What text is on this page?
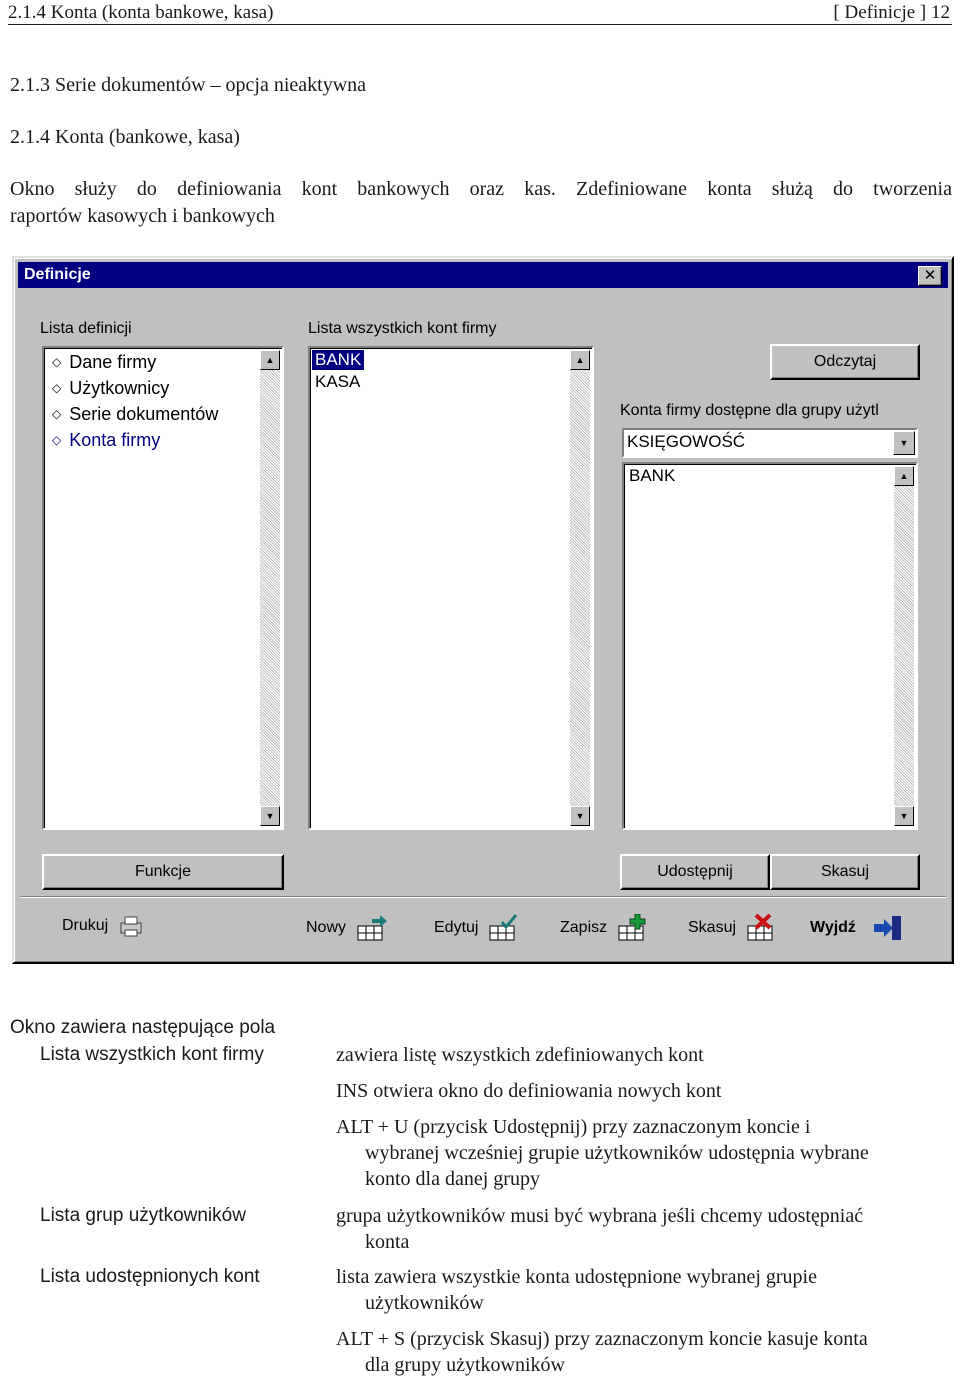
2.1.4 Konta (konta bankowe, kasa)	[ Definicje ] 12
2.1.3 Serie dokumentów – opcja nieaktywna
2.1.4 Konta (bankowe, kasa)
Okno służy do definiowania kont bankowych oraz kas. Zdefiniowane konta służą do tworzenia
raportów kasowych i bankowych
Definicje	✕
Lista definicji
◇ Dane firmy
◇ Użytkownicy
◇ Serie dokumentów
◇ Konta firmy
▲
▼
Lista wszystkich kont firmy
BANK
KASA
▲
▼
Odczytaj
Konta firmy dostępne dla grupy użytl
KSIĘGOWOŚĆ	▼
BANK	▲
▼
Funkcje	Udostępnij	Skasuj
Drukuj	Nowy	Edytuj	Zapisz	Skasuj	Wyjdź
Okno zawiera następujące pola
Lista wszystkich kont firmy	zawiera listę wszystkich zdefiniowanych kont
INS otwiera okno do definiowania nowych kont
ALT + U (przycisk Udostępnij) przy zaznaczonym koncie i
wybranej wcześniej grupie użytkowników udostępnia wybrane
konto dla danej grupy
Lista grup użytkowników	grupa użytkowników musi być wybrana jeśli chcemy udostępniać
konta
Lista udostępnionych kont	lista zawiera wszystkie konta udostępnione wybranej grupie
użytkowników
ALT + S (przycisk Skasuj) przy zaznaczonym koncie kasuje konta
dla grupy użytkowników
